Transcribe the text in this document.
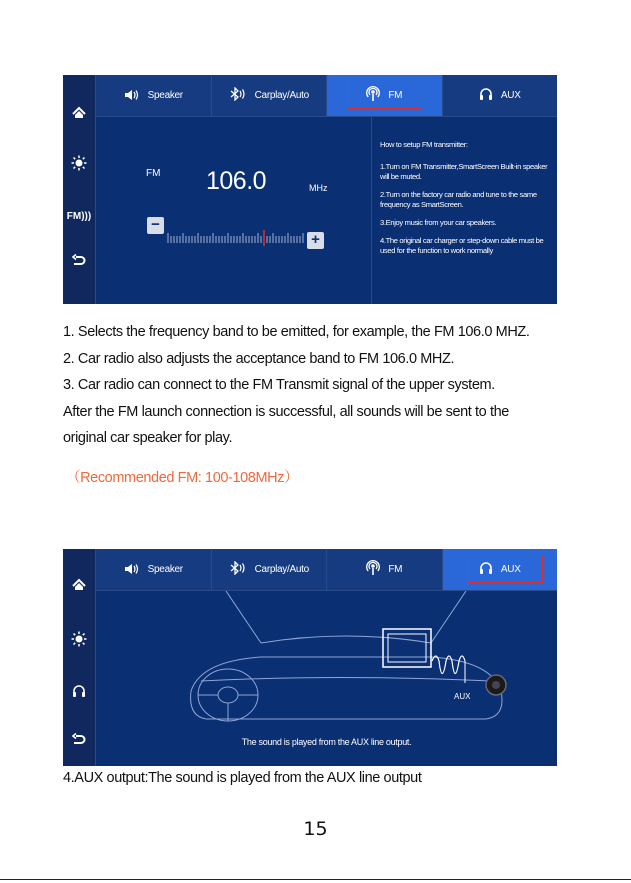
FM)))
Speaker	Carplay/Auto	FM	AUX
FM 106.0	MHz
−
+

How to setup FM transmitter:

1.Turn on FM Transmitter,SmartScreen Built-in speaker will be muted.

2.Turn on the factory car radio and tune to the same frequency as SmartScreen.

3.Enjoy music from your car speakers.

4.The original car charger or step-down cable must be used for the function to work normally

1. Selects the frequency band to be emitted, for example, the FM 106.0 MHZ.
2. Car radio also adjusts the acceptance band to FM 106.0 MHZ.
3. Car radio can connect to the FM Transmit signal of the upper system.
After the FM launch connection is successful, all sounds will be sent to the
original car speaker for play.
（Recommended FM: 100-108MHz）
Speaker	Carplay/Auto	FM	AUX
AUX
The sound is played from the AUX line output.
4.AUX output:The sound is played from the AUX line output
15
